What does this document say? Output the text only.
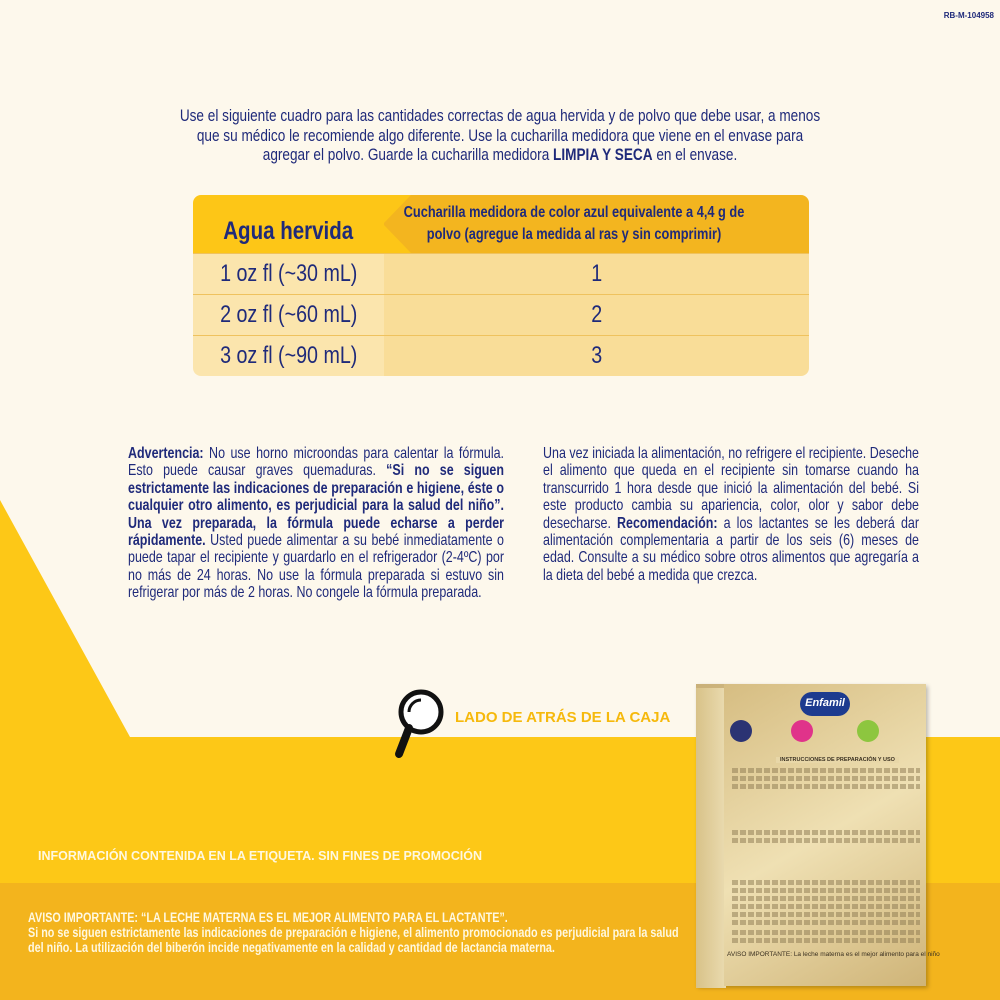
RB-M-104958
Use el siguiente cuadro para las cantidades correctas de agua hervida y de polvo que debe usar, a menos que su médico le recomiende algo diferente. Use la cucharilla medidora que viene en el envase para agregar el polvo. Guarde la cucharilla medidora LIMPIA Y SECA en el envase.
Agua hervida	Cucharilla medidora de color azul equivalente a 4,4 g de polvo (agregue la medida al ras y sin comprimir)

1 oz fl (~30 mL)	1
2 oz fl (~60 mL)	2
3 oz fl (~90 mL)	3
Advertencia: No use horno microondas para calentar la fórmula. Esto puede causar graves quemaduras. “Si no se siguen estrictamente las indicaciones de preparación e higiene, éste o cualquier otro alimento, es perjudicial para la salud del niño”. Una vez preparada, la fórmula puede echarse a perder rápidamente. Usted puede alimentar a su bebé inmediatamente o puede tapar el recipiente y guardarlo en el refrigerador (2-4ºC) por no más de 24 horas. No use la fórmula preparada si estuvo sin refrigerar por más de 2 horas. No congele la fórmula preparada.
Una vez iniciada la alimentación, no refrigere el recipiente. Deseche el alimento que queda en el recipiente sin tomarse cuando ha transcurrido 1 hora desde que inició la alimentación del bebé. Si este producto cambia su apariencia, color, olor y sabor debe desecharse. Recomendación: a los lactantes se les deberá dar alimentación complementaria a partir de los seis (6) meses de edad. Consulte a su médico sobre otros alimentos que agregaría a la dieta del bebé a medida que crezca.
LADO DE ATRÁS DE LA CAJA
INFORMACIÓN CONTENIDA EN LA ETIQUETA. SIN FINES DE PROMOCIÓN
AVISO IMPORTANTE: “LA LECHE MATERNA ES EL MEJOR ALIMENTO PARA EL LACTANTE”.
Si no se siguen estrictamente las indicaciones de preparación e higiene, el alimento promocionado es perjudicial para la salud del niño. La utilización del biberón incide negativamente en la calidad y cantidad de lactancia materna.
Enfamil
INSTRUCCIONES DE PREPARACIÓN Y USO
AVISO IMPORTANTE: La leche materna es el mejor alimento para el niño
